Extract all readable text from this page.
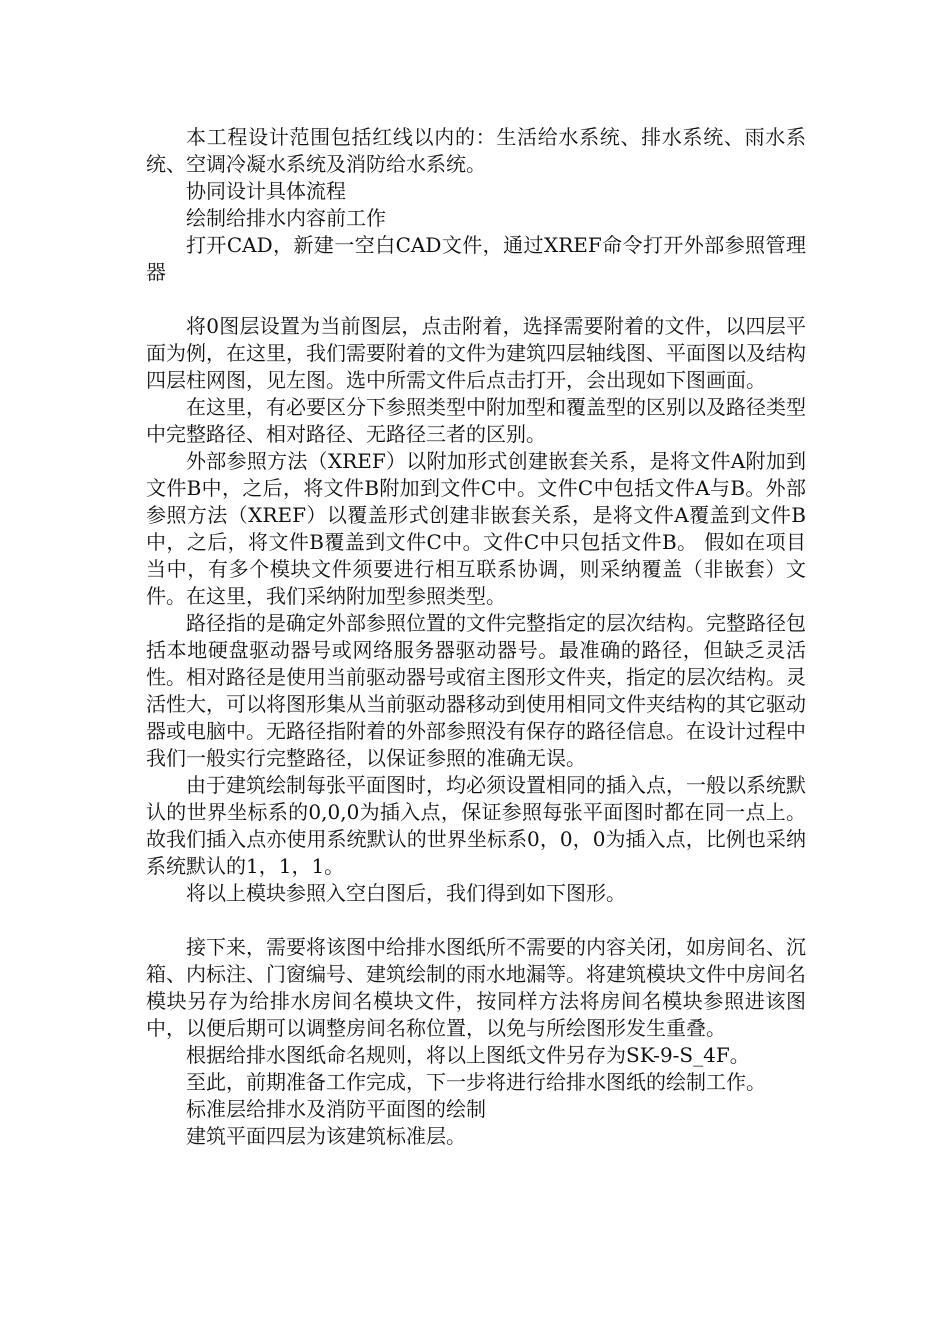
本工程设计范围包括红线以内的：生活给水系统、排水系统、雨水系统、空调冷凝水系统及消防给水系统。

协同设计具体流程

绘制给排水内容前工作

打开CAD，新建一空白CAD文件，通过XREF命令打开外部参照管理器

将0图层设置为当前图层，点击附着，选择需要附着的文件，以四层平面为例，在这里，我们需要附着的文件为建筑四层轴线图、平面图以及结构四层柱网图，见左图。选中所需文件后点击打开，会出现如下图画面。

在这里，有必要区分下参照类型中附加型和覆盖型的区别以及路径类型中完整路径、相对路径、无路径三者的区别。

外部参照方法（XREF）以附加形式创建嵌套关系，是将文件A附加到文件B中，之后，将文件B附加到文件C中。文件C中包括文件A与B。外部参照方法（XREF）以覆盖形式创建非嵌套关系，是将文件A覆盖到文件B中，之后，将文件B覆盖到文件C中。文件C中只包括文件B。 假如在项目当中，有多个模块文件须要进行相互联系协调，则采纳覆盖（非嵌套）文件。在这里，我们采纳附加型参照类型。

路径指的是确定外部参照位置的文件完整指定的层次结构。完整路径包括本地硬盘驱动器号或网络服务器驱动器号。最准确的路径，但缺乏灵活性。相对路径是使用当前驱动器号或宿主图形文件夹，指定的层次结构。灵活性大，可以将图形集从当前驱动器移动到使用相同文件夹结构的其它驱动器或电脑中。无路径指附着的外部参照没有保存的路径信息。在设计过程中我们一般实行完整路径，以保证参照的准确无误。

由于建筑绘制每张平面图时，均必须设置相同的插入点，一般以系统默认的世界坐标系的0,0,0为插入点，保证参照每张平面图时都在同一点上。故我们插入点亦使用系统默认的世界坐标系0，0，0为插入点，比例也采纳系统默认的1，1，1。

将以上模块参照入空白图后，我们得到如下图形。

接下来，需要将该图中给排水图纸所不需要的内容关闭，如房间名、沉箱、内标注、门窗编号、建筑绘制的雨水地漏等。将建筑模块文件中房间名模块另存为给排水房间名模块文件，按同样方法将房间名模块参照进该图中，以便后期可以调整房间名称位置，以免与所绘图形发生重叠。

根据给排水图纸命名规则，将以上图纸文件另存为SK-9-S_4F。

至此，前期准备工作完成，下一步将进行给排水图纸的绘制工作。

标准层给排水及消防平面图的绘制

建筑平面四层为该建筑标准层。
